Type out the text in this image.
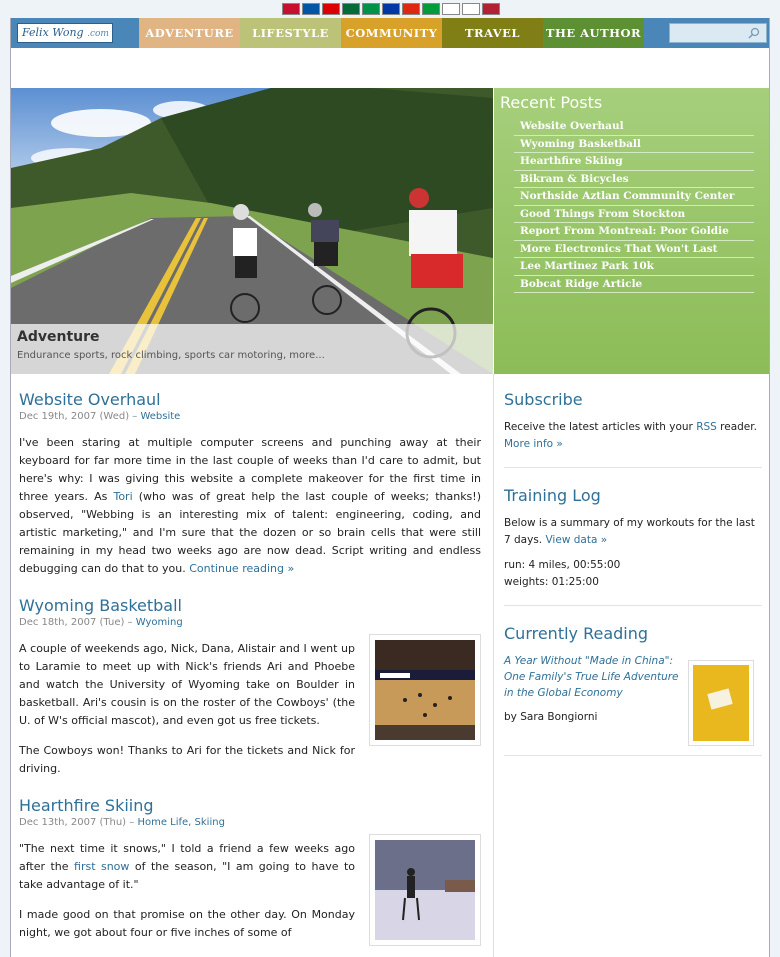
Felix Wong .com	ADVENTURE	LIFESTYLE	COMMUNITY	TRAVEL	THE AUTHOR
Adventure
Endurance sports, rock climbing, sports car motoring, more...
Recent Posts
Website Overhaul
Wyoming Basketball
Hearthfire Skiing
Bikram & Bicycles
Northside Aztlan Community Center
Good Things From Stockton
Report From Montreal: Poor Goldie
More Electronics That Won't Last
Lee Martinez Park 10k
Bobcat Ridge Article
Website Overhaul
Dec 19th, 2007 (Wed) – Website

I've been staring at multiple computer screens and punching away at their keyboard for far more time in the last couple of weeks than I'd care to admit, but here's why: I was giving this website a complete makeover for the first time in three years. As Tori (who was of great help the last couple of weeks; thanks!) observed, "Webbing is an interesting mix of talent: engineering, coding, and artistic marketing," and I'm sure that the dozen or so brain cells that were still remaining in my head two weeks ago are now dead. Script writing and endless debugging can do that to you. Continue reading »

Wyoming Basketball
Dec 18th, 2007 (Tue) – Wyoming

A couple of weekends ago, Nick, Dana, Alistair and I went up to Laramie to meet up with Nick's friends Ari and Phoebe and watch the University of Wyoming take on Boulder in basketball. Ari's cousin is on the roster of the Cowboys' (the U. of W's official mascot), and even got us free tickets.

The Cowboys won! Thanks to Ari for the tickets and Nick for driving.

Hearthfire Skiing
Dec 13th, 2007 (Thu) – Home Life, Skiing

"The next time it snows," I told a friend a few weeks ago after the first snow of the season, "I am going to have to take advantage of it."

I made good on that promise on the other day. On Monday night, we got about four or five inches of some of

Subscribe

Receive the latest articles with your RSS reader.
More info »

Training Log

Below is a summary of my workouts for the last 7 days. View data »

run: 4 miles, 00:55:00

weights: 01:25:00

Currently Reading
A Year Without "Made in China": One Family's True Life Adventure in the Global Economy
by Sara Bongiorni
